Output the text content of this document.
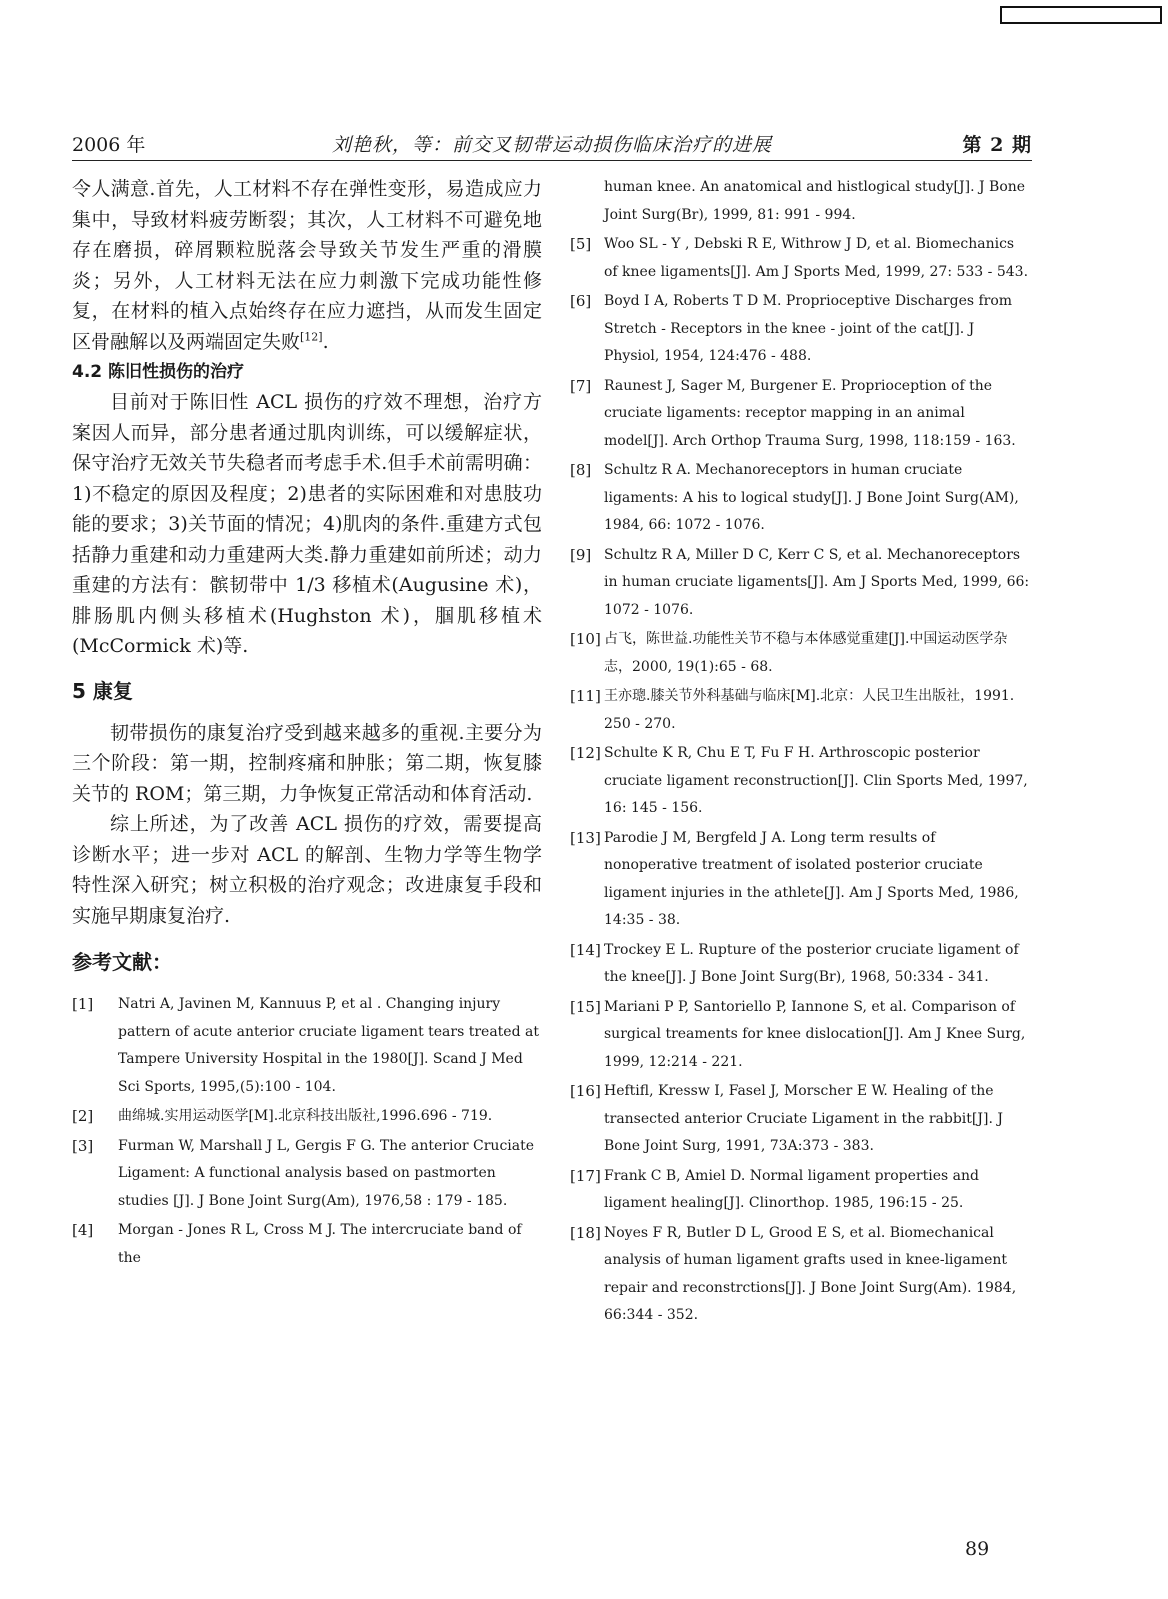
2006 年	刘艳秋，等：前交叉韧带运动损伤临床治疗的进展	第 2 期

令人满意.首先，人工材料不存在弹性变形，易造成应力集中，导致材料疲劳断裂；其次，人工材料不可避免地存在磨损，碎屑颗粒脱落会导致关节发生严重的滑膜炎；另外，人工材料无法在应力刺激下完成功能性修复，在材料的植入点始终存在应力遮挡，从而发生固定区骨融解以及两端固定失败[12].

4.2 陈旧性损伤的治疗

目前对于陈旧性 ACL 损伤的疗效不理想，治疗方案因人而异，部分患者通过肌肉训练，可以缓解症状，保守治疗无效关节失稳者而考虑手术.但手术前需明确：1)不稳定的原因及程度；2)患者的实际困难和对患肢功能的要求；3)关节面的情况；4)肌肉的条件.重建方式包括静力重建和动力重建两大类.静力重建如前所述；动力重建的方法有：髌韧带中 1/3 移植术(Augusine 术)，腓肠肌内侧头移植术(Hughston 术)，腘肌移植术(McCormick 术)等.

5 康复

韧带损伤的康复治疗受到越来越多的重视.主要分为三个阶段：第一期，控制疼痛和肿胀；第二期，恢复膝关节的 ROM；第三期，力争恢复正常活动和体育活动.

综上所述，为了改善 ACL 损伤的疗效，需要提高诊断水平；进一步对 ACL 的解剖、生物力学等生物学特性深入研究；树立积极的治疗观念；改进康复手段和实施早期康复治疗.

参考文献：

[1] Natri A, Javinen M, Kannuus P, et al . Changing injury pattern of acute anterior cruciate ligament tears treated at Tampere University Hospital in the 1980[J]. Scand J Med Sci Sports, 1995,(5):100 - 104.

[2] 曲绵城.实用运动医学[M].北京科技出版社,1996.696 - 719.

[3] Furman W, Marshall J L, Gergis F G. The anterior Cruciate Ligament: A functional analysis based on pastmorten studies [J]. J Bone Joint Surg(Am), 1976,58 : 179 - 185.

[4] Morgan - Jones R L, Cross M J. The intercruciate band of the

human knee. An anatomical and histlogical study[J]. J Bone Joint Surg(Br), 1999, 81: 991 - 994.

[5] Woo SL - Y , Debski R E, Withrow J D, et al. Biomechanics of knee ligaments[J]. Am J Sports Med, 1999, 27: 533 - 543.

[6] Boyd I A, Roberts T D M. Proprioceptive Discharges from Stretch - Receptors in the knee - joint of the cat[J]. J Physiol, 1954, 124:476 - 488.

[7] Raunest J, Sager M, Burgener E. Proprioception of the cruciate ligaments: receptor mapping in an animal model[J]. Arch Orthop Trauma Surg, 1998, 118:159 - 163.

[8] Schultz R A. Mechanoreceptors in human cruciate ligaments: A his to logical study[J]. J Bone Joint Surg(AM), 1984, 66: 1072 - 1076.

[9] Schultz R A, Miller D C, Kerr C S, et al. Mechanoreceptors in human cruciate ligaments[J]. Am J Sports Med, 1999, 66: 1072 - 1076.

[10] 占飞，陈世益.功能性关节不稳与本体感觉重建[J].中国运动医学杂志，2000, 19(1):65 - 68.

[11] 王亦璁.膝关节外科基础与临床[M].北京：人民卫生出版社，1991. 250 - 270.

[12] Schulte K R, Chu E T, Fu F H. Arthroscopic posterior cruciate ligament reconstruction[J]. Clin Sports Med, 1997, 16: 145 - 156.

[13] Parodie J M, Bergfeld J A. Long term results of nonoperative treatment of isolated posterior cruciate ligament injuries in the athlete[J]. Am J Sports Med, 1986, 14:35 - 38.

[14] Trockey E L. Rupture of the posterior cruciate ligament of the knee[J]. J Bone Joint Surg(Br), 1968, 50:334 - 341.

[15] Mariani P P, Santoriello P, Iannone S, et al. Comparison of surgical treaments for knee dislocation[J]. Am J Knee Surg, 1999, 12:214 - 221.

[16] Heftifl, Kressw I, Fasel J, Morscher E W. Healing of the transected anterior Cruciate Ligament in the rabbit[J]. J Bone Joint Surg, 1991, 73A:373 - 383.

[17] Frank C B, Amiel D. Normal ligament properties and ligament healing[J]. Clinorthop. 1985, 196:15 - 25.

[18] Noyes F R, Butler D L, Grood E S, et al. Biomechanical analysis of human ligament grafts used in knee-ligament repair and reconstrctions[J]. J Bone Joint Surg(Am). 1984, 66:344 - 352.

89
